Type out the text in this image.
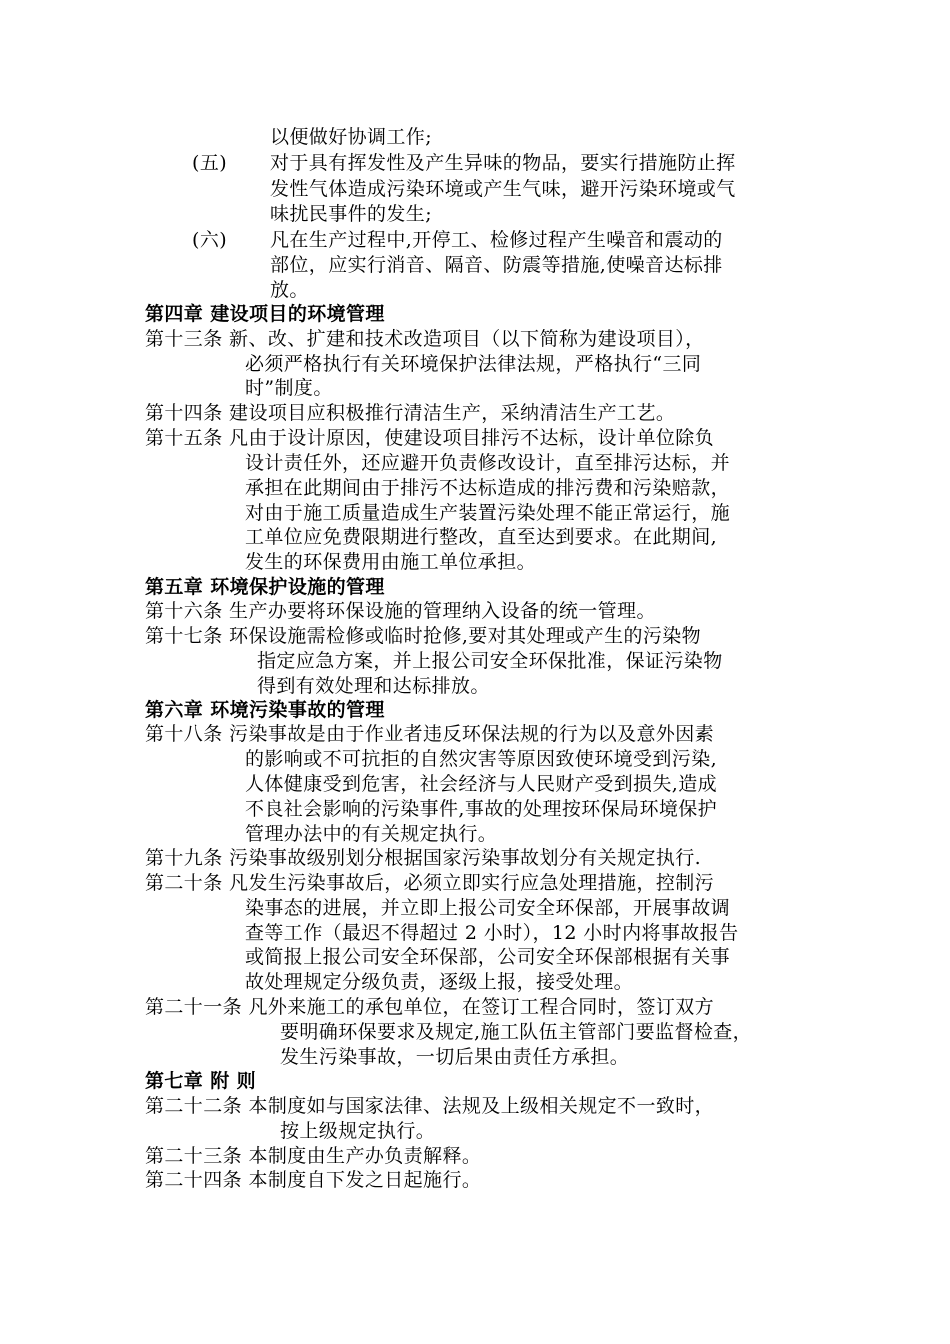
以便做好协调工作;
(五) 对于具有挥发性及产生异味的物品，要实行措施防止挥
发性气体造成污染环境或产生气味，避开污染环境或气
味扰民事件的发生;
(六) 凡在生产过程中,开停工、检修过程产生噪音和震动的
部位，应实行消音、隔音、防震等措施,使噪音达标排
放。
第四章 建设项目的环境管理
第十三条 新、改、扩建和技术改造项目（以下简称为建设项目），
必须严格执行有关环境保护法律法规，严格执行“三同
时”制度。
第十四条 建设项目应积极推行清洁生产，采纳清洁生产工艺。
第十五条 凡由于设计原因，使建设项目排污不达标，设计单位除负
设计责任外，还应避开负责修改设计，直至排污达标，并
承担在此期间由于排污不达标造成的排污费和污染赔款，
对由于施工质量造成生产装置污染处理不能正常运行，施
工单位应免费限期进行整改，直至达到要求。在此期间,
发生的环保费用由施工单位承担。
第五章 环境保护设施的管理
第十六条 生产办要将环保设施的管理纳入设备的统一管理。
第十七条 环保设施需检修或临时抢修,要对其处理或产生的污染物
指定应急方案，并上报公司安全环保批准，保证污染物
得到有效处理和达标排放。
第六章 环境污染事故的管理
第十八条 污染事故是由于作业者违反环保法规的行为以及意外因素
的影响或不可抗拒的自然灾害等原因致使环境受到污染,
人体健康受到危害，社会经济与人民财产受到损失,造成
不良社会影响的污染事件,事故的处理按环保局环境保护
管理办法中的有关规定执行。
第十九条 污染事故级别划分根据国家污染事故划分有关规定执行.
第二十条 凡发生污染事故后，必须立即实行应急处理措施，控制污
染事态的进展，并立即上报公司安全环保部，开展事故调
查等工作（最迟不得超过 2 小时），12 小时内将事故报告
或简报上报公司安全环保部，公司安全环保部根据有关事
故处理规定分级负责，逐级上报，接受处理。
第二十一条 凡外来施工的承包单位，在签订工程合同时，签订双方
要明确环保要求及规定,施工队伍主管部门要监督检查，
发生污染事故，一切后果由责任方承担。
第七章 附 则
第二十二条 本制度如与国家法律、法规及上级相关规定不一致时，
按上级规定执行。
第二十三条 本制度由生产办负责解释。
第二十四条 本制度自下发之日起施行。
